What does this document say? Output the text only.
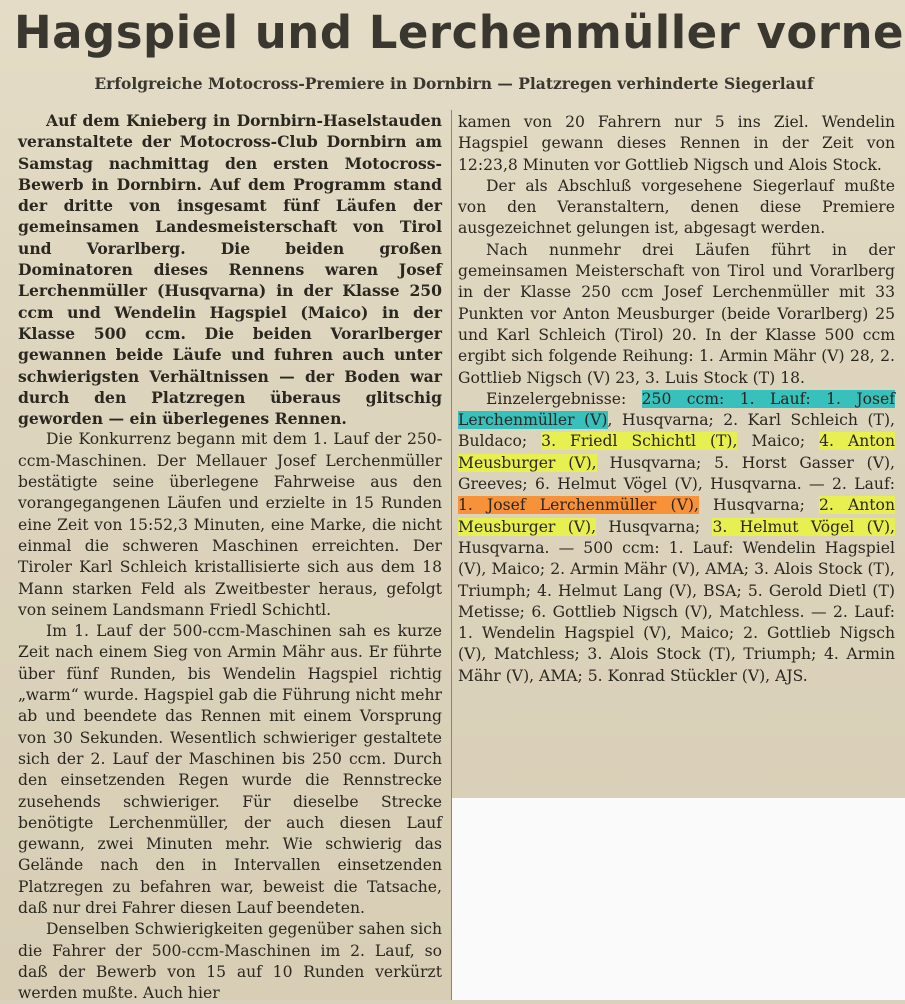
Hagspiel und Lerchenmüller vorne
Erfolgreiche Motocross-Premiere in Dornbirn — Platzregen verhinderte Siegerlauf

Auf dem Knieberg in Dornbirn-Haselstauden veranstaltete der Motocross-Club Dornbirn am Samstag nachmittag den ersten Motocross-Bewerb in Dornbirn. Auf dem Programm stand der dritte von insgesamt fünf Läufen der gemeinsamen Landesmeisterschaft von Tirol und Vorarlberg. Die beiden großen Dominatoren dieses Rennens waren Josef Lerchenmüller (Husqvarna) in der Klasse 250 ccm und Wendelin Hagspiel (Maico) in der Klasse 500 ccm. Die beiden Vorarlberger gewannen beide Läufe und fuhren auch unter schwierigsten Verhältnissen — der Boden war durch den Platzregen überaus glitschig geworden — ein überlegenes Rennen.

Die Konkurrenz begann mit dem 1. Lauf der 250-ccm-Maschinen. Der Mellauer Josef Lerchenmüller bestätigte seine überlegene Fahrweise aus den vorangegangenen Läufen und erzielte in 15 Runden eine Zeit von 15:52,3 Minuten, eine Marke, die nicht einmal die schweren Maschinen erreichten. Der Tiroler Karl Schleich kristallisierte sich aus dem 18 Mann starken Feld als Zweitbester heraus, gefolgt von seinem Landsmann Friedl Schichtl.

Im 1. Lauf der 500-ccm-Maschinen sah es kurze Zeit nach einem Sieg von Armin Mähr aus. Er führte über fünf Runden, bis Wendelin Hagspiel richtig „warm“ wurde. Hagspiel gab die Führung nicht mehr ab und beendete das Rennen mit einem Vorsprung von 30 Sekunden. Wesentlich schwieriger gestaltete sich der 2. Lauf der Maschinen bis 250 ccm. Durch den einsetzenden Regen wurde die Rennstrecke zusehends schwieriger. Für dieselbe Strecke benötigte Lerchenmüller, der auch diesen Lauf gewann, zwei Minuten mehr. Wie schwierig das Gelände nach den in Intervallen einsetzenden Platzregen zu befahren war, beweist die Tatsache, daß nur drei Fahrer diesen Lauf beendeten.

Denselben Schwierigkeiten gegenüber sahen sich die Fahrer der 500-ccm-Maschinen im 2. Lauf, so daß der Bewerb von 15 auf 10 Runden verkürzt werden mußte. Auch hier

kamen von 20 Fahrern nur 5 ins Ziel. Wendelin Hagspiel gewann dieses Rennen in der Zeit von 12:23,8 Minuten vor Gottlieb Nigsch und Alois Stock.

Der als Abschluß vorgesehene Siegerlauf mußte von den Veranstaltern, denen diese Premiere ausgezeichnet gelungen ist, abgesagt werden.

Nach nunmehr drei Läufen führt in der gemeinsamen Meisterschaft von Tirol und Vorarlberg in der Klasse 250 ccm Josef Lerchenmüller mit 33 Punkten vor Anton Meusburger (beide Vorarlberg) 25 und Karl Schleich (Tirol) 20. In der Klasse 500 ccm ergibt sich folgende Reihung: 1. Armin Mähr (V) 28, 2. Gottlieb Nigsch (V) 23, 3. Luis Stock (T) 18.

Einzelergebnisse: 250 ccm: 1. Lauf: 1. Josef Lerchenmüller (V), Husqvarna; 2. Karl Schleich (T), Buldaco; 3. Friedl Schichtl (T), Maico; 4. Anton Meusburger (V), Husqvarna; 5. Horst Gasser (V), Greeves; 6. Helmut Vögel (V), Husqvarna. — 2. Lauf: 1. Josef Lerchenmüller (V), Husqvarna; 2. Anton Meusburger (V), Husqvarna; 3. Helmut Vögel (V), Husqvarna. — 500 ccm: 1. Lauf: Wendelin Hagspiel (V), Maico; 2. Armin Mähr (V), AMA; 3. Alois Stock (T), Triumph; 4. Helmut Lang (V), BSA; 5. Gerold Dietl (T) Metisse; 6. Gottlieb Nigsch (V), Matchless. — 2. Lauf: 1. Wendelin Hagspiel (V), Maico; 2. Gottlieb Nigsch (V), Matchless; 3. Alois Stock (T), Triumph; 4. Armin Mähr (V), AMA; 5. Konrad Stückler (V), AJS.
